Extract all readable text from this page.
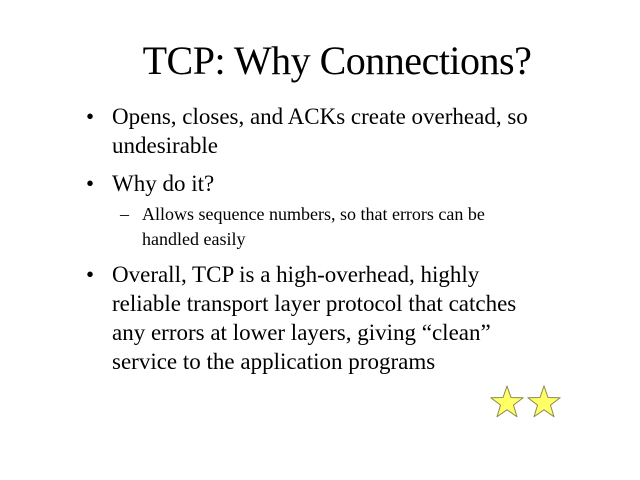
TCP: Why Connections?
• Opens, closes, and ACKs create overhead, so
undesirable
• Why do it?
– Allows sequence numbers, so that errors can be
handled easily
• Overall, TCP is a high-overhead, highly
reliable transport layer protocol that catches
any errors at lower layers, giving “clean”
service to the application programs
